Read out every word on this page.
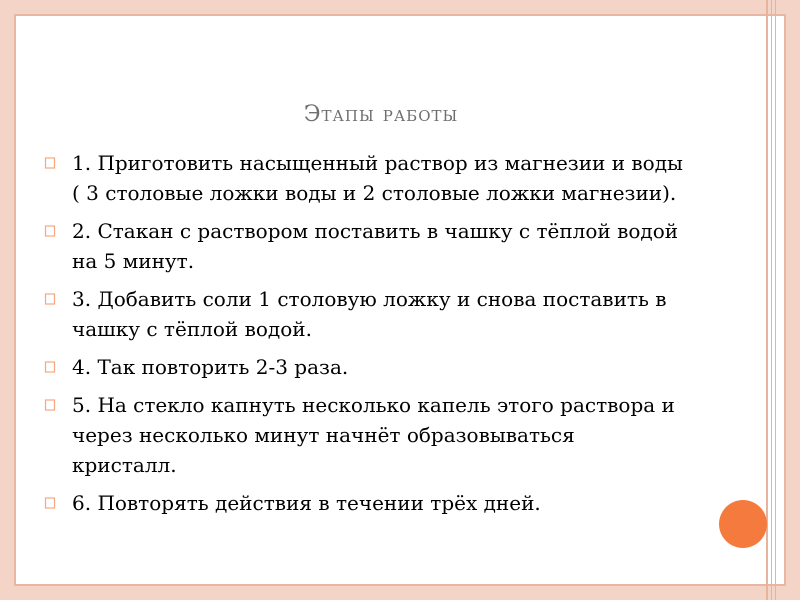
Этапы работы
1. Приготовить насыщенный раствор из магнезии и воды ( 3 столовые ложки воды и 2 столовые ложки магнезии).
2. Стакан с раствором поставить в чашку с тёплой водой на 5 минут.
3. Добавить соли 1 столовую ложку и снова поставить в чашку с тёплой водой.
4. Так повторить 2-3 раза.
5. На стекло капнуть несколько капель этого раствора и через несколько минут начнёт образовываться кристалл.
6. Повторять действия в течении трёх дней.
